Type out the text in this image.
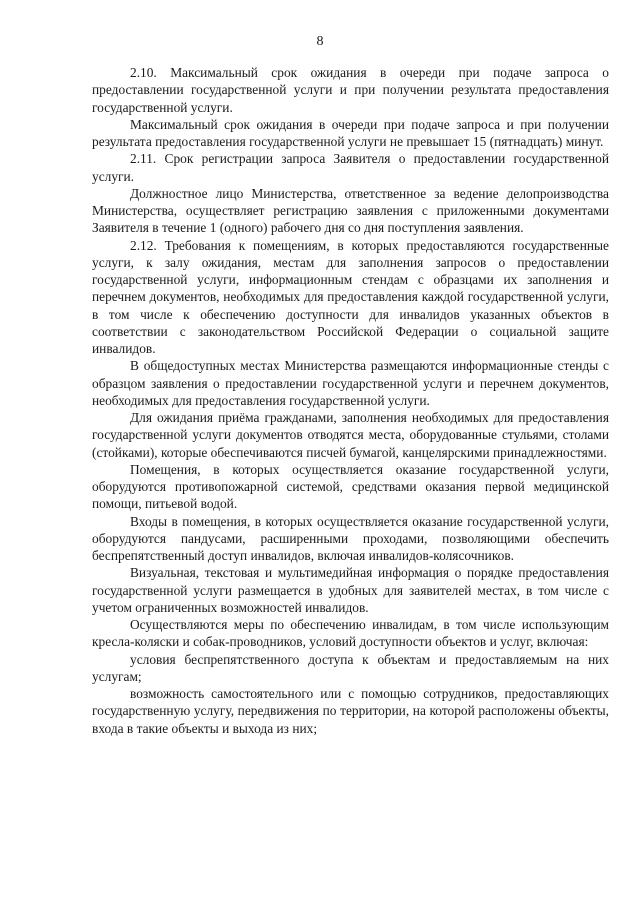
8

2.10. Максимальный срок ожидания в очереди при подаче запроса о предоставлении государственной услуги и при получении результата предоставления государственной услуги.

Максимальный срок ожидания в очереди при подаче запроса и при получении результата предоставления государственной услуги не превышает 15 (пятнадцать) минут.

2.11. Срок регистрации запроса Заявителя о предоставлении государственной услуги.

Должностное лицо Министерства, ответственное за ведение делопроизводства Министерства, осуществляет регистрацию заявления с приложенными документами Заявителя в течение 1 (одного) рабочего дня со дня поступления заявления.

2.12. Требования к помещениям, в которых предоставляются государственные услуги, к залу ожидания, местам для заполнения запросов о предоставлении государственной услуги, информационным стендам с образцами их заполнения и перечнем документов, необходимых для предоставления каждой государственной услуги, в том числе к обеспечению доступности для инвалидов указанных объектов в соответствии с законодательством Российской Федерации о социальной защите инвалидов.

В общедоступных местах Министерства размещаются информационные стенды с образцом заявления о предоставлении государственной услуги и перечнем документов, необходимых для предоставления государственной услуги.

Для ожидания приёма гражданами, заполнения необходимых для предоставления государственной услуги документов отводятся места, оборудованные стульями, столами (стойками), которые обеспечиваются писчей бумагой, канцелярскими принадлежностями.

Помещения, в которых осуществляется оказание государственной услуги, оборудуются противопожарной системой, средствами оказания первой медицинской помощи, питьевой водой.

Входы в помещения, в которых осуществляется оказание государственной услуги, оборудуются пандусами, расширенными проходами, позволяющими обеспечить беспрепятственный доступ инвалидов, включая инвалидов-колясочников.

Визуальная, текстовая и мультимедийная информация о порядке предоставления государственной услуги размещается в удобных для заявителей местах, в том числе с учетом ограниченных возможностей инвалидов.

Осуществляются меры по обеспечению инвалидам, в том числе использующим кресла-коляски и собак-проводников, условий доступности объектов и услуг, включая:

условия беспрепятственного доступа к объектам и предоставляемым на них услугам;

возможность самостоятельного или с помощью сотрудников, предоставляющих государственную услугу, передвижения по территории, на которой расположены объекты, входа в такие объекты и выхода из них;
